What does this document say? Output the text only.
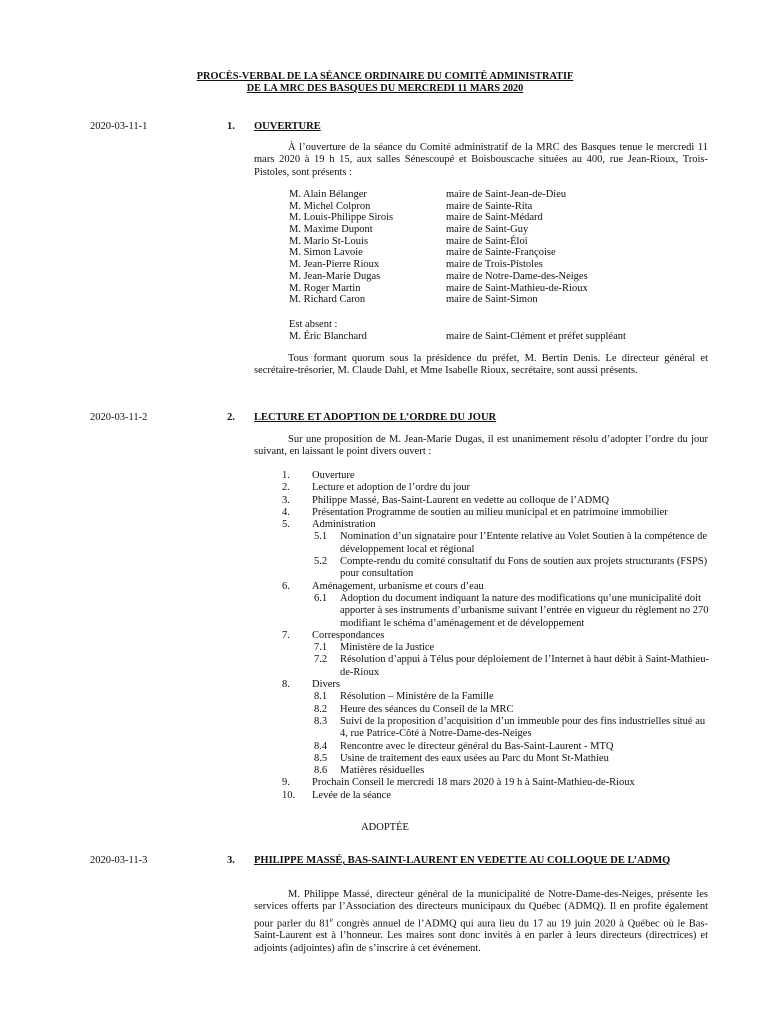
PROCÈS-VERBAL DE LA SÉANCE ORDINAIRE DU COMITÉ ADMINISTRATIF
DE LA MRC DES BASQUES DU MERCREDI 11 MARS 2020
2020-03-11-1	1. OUVERTURE

À l’ouverture de la séance du Comité administratif de la MRC des Basques tenue le mercredi 11 mars 2020 à 19 h 15, aux salles Sénescoupé et Boisbouscache situées au 400, rue Jean-Rioux, Trois-Pistoles, sont présents :

M. Alain Bélanger	maire de Saint-Jean-de-Dieu
M. Michel Colpron	maire de Sainte-Rita
M. Louis-Philippe Sirois	maire de Saint-Médard
M. Maxime Dupont	maire de Saint-Guy
M. Mario St-Louis	maire de Saint-Éloi
M. Simon Lavoie	maire de Sainte-Françoise
M. Jean-Pierre Rioux	maire de Trois-Pistoles
M. Jean-Marie Dugas	maire de Notre-Dame-des-Neiges
M. Roger Martin	maire de Saint-Mathieu-de-Rioux
M. Richard Caron	maire de Saint-Simon
Est absent :
M. Éric Blanchard	maire de Saint-Clément et préfet suppléant

Tous formant quorum sous la présidence du préfet, M. Bertin Denis. Le directeur général et secrétaire-trésorier, M. Claude Dahl, et Mme Isabelle Rioux, secrétaire, sont aussi présents.

2020-03-11-2	2. LECTURE ET ADOPTION DE L’ORDRE DU JOUR

Sur une proposition de M. Jean-Marie Dugas, il est unanimement résolu d’adopter l’ordre du jour suivant, en laissant le point divers ouvert :

1. Ouverture
2. Lecture et adoption de l’ordre du jour
3. Philippe Massé, Bas-Saint-Laurent en vedette au colloque de l’ADMQ
4. Présentation Programme de soutien au milieu municipal et en patrimoine immobilier
5. Administration
5.1 Nomination d’un signataire pour l’Entente relative au Volet Soutien à la compétence de développement local et régional
5.2 Compte-rendu du comité consultatif du Fons de soutien aux projets structurants (FSPS) pour consultation
6. Aménagement, urbanisme et cours d’eau
6.1 Adoption du document indiquant la nature des modifications qu’une municipalité doit apporter à ses instruments d’urbanisme suivant l’entrée en vigueur du règlement no 270 modifiant le schéma d’aménagement et de développement
7. Correspondances
7.1 Ministère de la Justice
7.2 Résolution d’appui à Télus pour déploiement de l’Internet à haut débit à Saint-Mathieu-de-Rioux
8. Divers
8.1 Résolution – Ministère de la Famille
8.2 Heure des séances du Conseil de la MRC
8.3 Suivi de la proposition d’acquisition d’un immeuble pour des fins industrielles situé au 4, rue Patrice-Côté à Notre-Dame-des-Neiges
8.4 Rencontre avec le directeur général du Bas-Saint-Laurent - MTQ
8.5 Usine de traitement des eaux usées au Parc du Mont St-Mathieu
8.6 Matières résiduelles
9. Prochain Conseil le mercredi 18 mars 2020 à 19 h à Saint-Mathieu-de-Rioux
10. Levée de la séance
ADOPTÉE
2020-03-11-3	3. PHILIPPE MASSÉ, BAS-SAINT-LAURENT EN VEDETTE AU COLLOQUE DE L’ADMQ

M. Philippe Massé, directeur général de la municipalité de Notre-Dame-des-Neiges, présente les services offerts par l’Association des directeurs municipaux du Québec (ADMQ). Il en profite également pour parler du 81e congrès annuel de l’ADMQ qui aura lieu du 17 au 19 juin 2020 à Québec où le Bas-Saint-Laurent est à l’honneur. Les maires sont donc invités à en parler à leurs directeurs (directrices) et adjoints (adjointes) afin de s’inscrire à cet événement.
